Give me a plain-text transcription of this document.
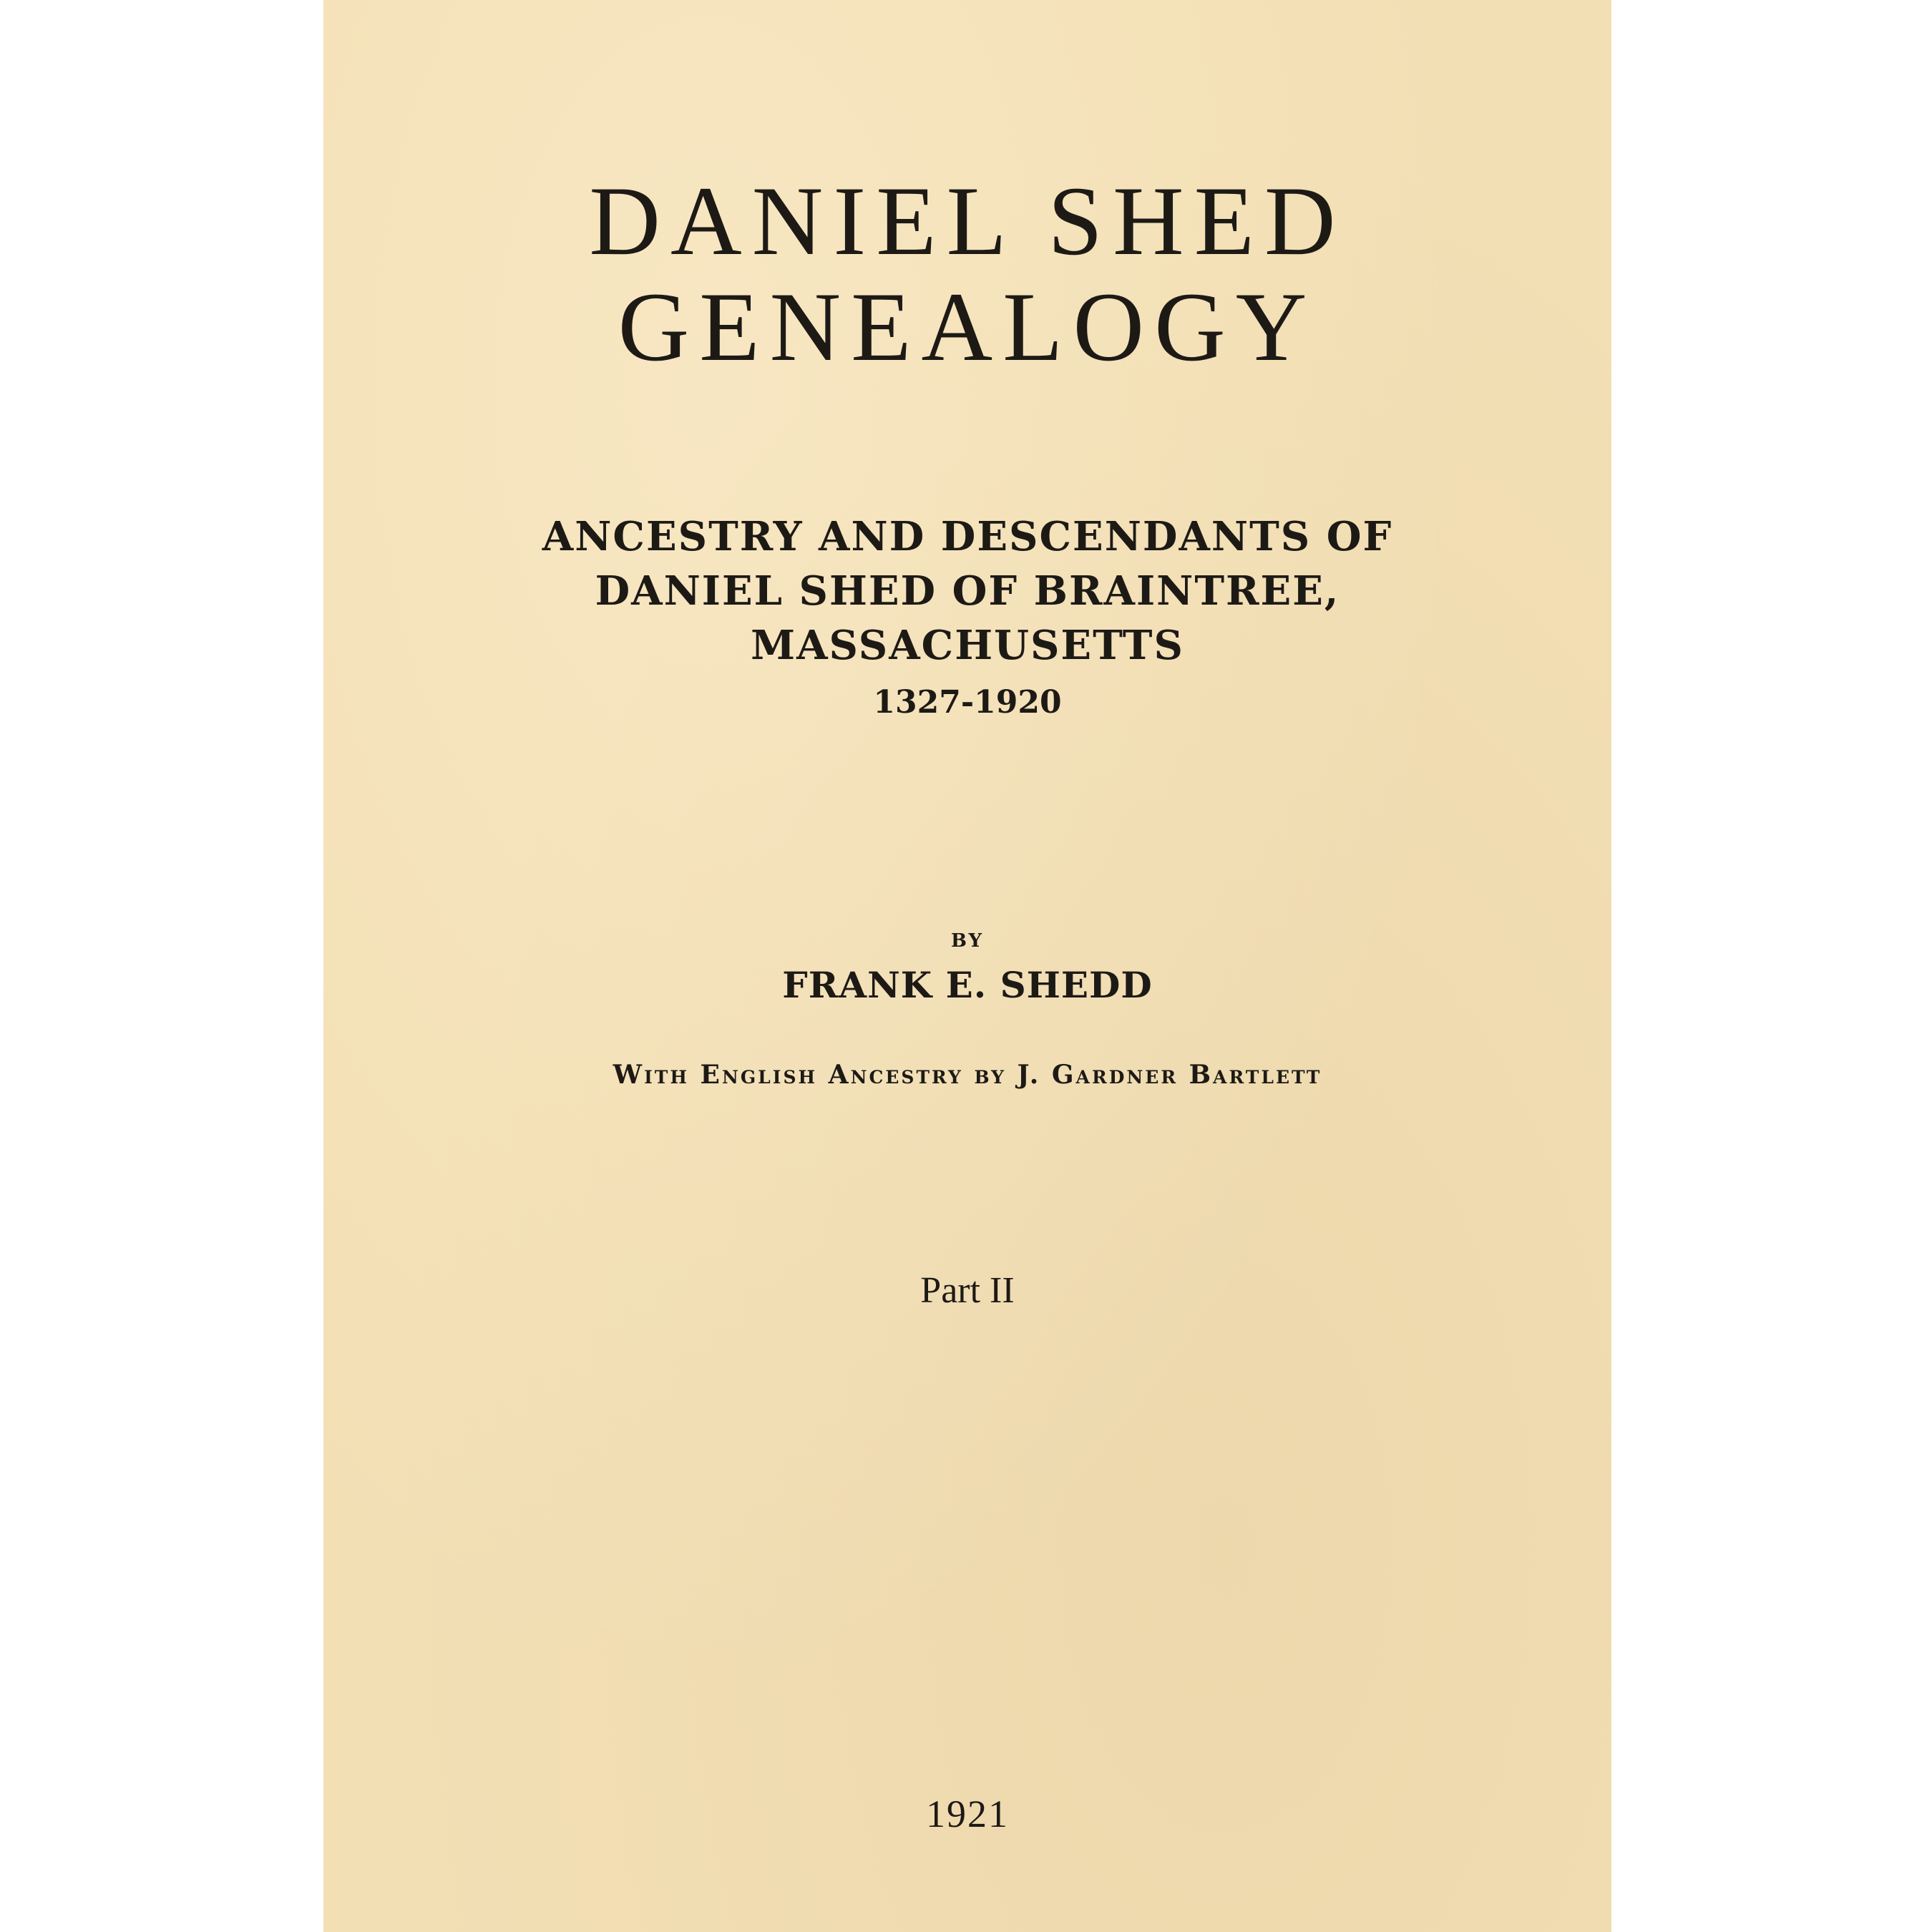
DANIEL SHED
GENEALOGY
ANCESTRY AND DESCENDANTS OF
DANIEL SHED OF BRAINTREE,
MASSACHUSETTS
1327-1920
BY
FRANK E. SHEDD
With English Ancestry by J. Gardner Bartlett
Part II
1921
